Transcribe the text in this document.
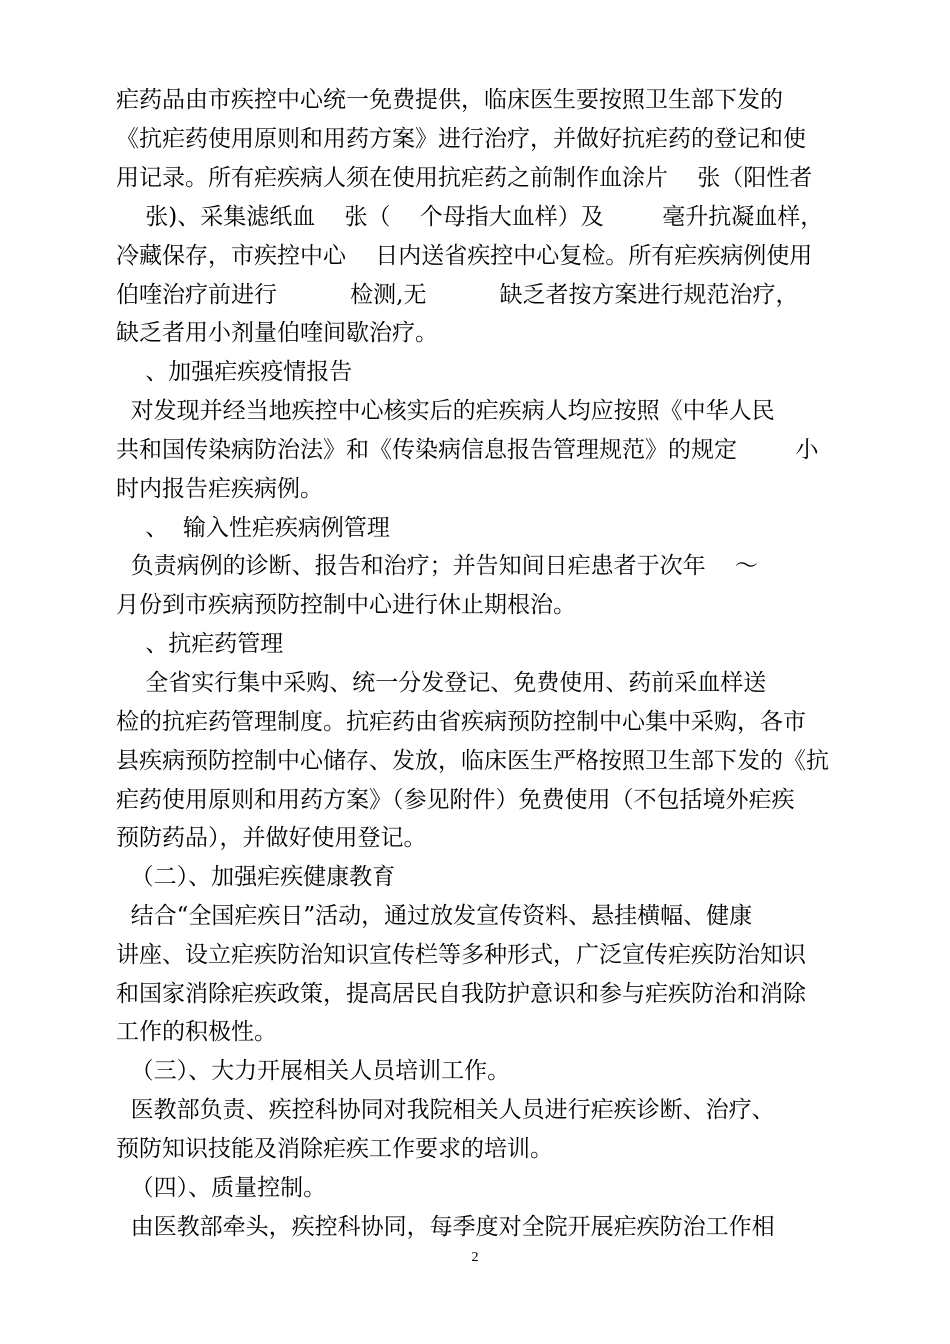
疟药品由市疾控中心统一免费提供，临床医生要按照卫生部下发的
《抗疟药使用原则和用药方案》进行治疗，并做好抗疟药的登记和使
用记录。所有疟疾病人须在使用抗疟药之前制作血涂片    张（阳性者
张)、采集滤纸血    张（    个母指大血样）及        毫升抗凝血样，
冷藏保存，市疾控中心    日内送省疾控中心复检。所有疟疾病例使用
伯喹治疗前进行          检测,无          缺乏者按方案进行规范治疗，
缺乏者用小剂量伯喹间歇治疗。
、加强疟疾疫情报告
对发现并经当地疾控中心核实后的疟疾病人均应按照《中华人民
共和国传染病防治法》和《传染病信息报告管理规范》的规定        小
时内报告疟疾病例。
、  输入性疟疾病例管理
负责病例的诊断、报告和治疗；并告知间日疟患者于次年    ～
月份到市疾病预防控制中心进行休止期根治。
、抗疟药管理
全省实行集中采购、统一分发登记、免费使用、药前采血样送
检的抗疟药管理制度。抗疟药由省疾病预防控制中心集中采购，各市
县疾病预防控制中心储存、发放，临床医生严格按照卫生部下发的《抗
疟药使用原则和用药方案》（参见附件）免费使用（不包括境外疟疾
预防药品），并做好使用登记。
（二）、加强疟疾健康教育
结合“全国疟疾日”活动，通过放发宣传资料、悬挂横幅、健康
讲座、设立疟疾防治知识宣传栏等多种形式，广泛宣传疟疾防治知识
和国家消除疟疾政策，提高居民自我防护意识和参与疟疾防治和消除
工作的积极性。
（三）、大力开展相关人员培训工作。
医教部负责、疾控科协同对我院相关人员进行疟疾诊断、治疗、
预防知识技能及消除疟疾工作要求的培训。
（四）、质量控制。
由医教部牵头，疾控科协同，每季度对全院开展疟疾防治工作相
2
